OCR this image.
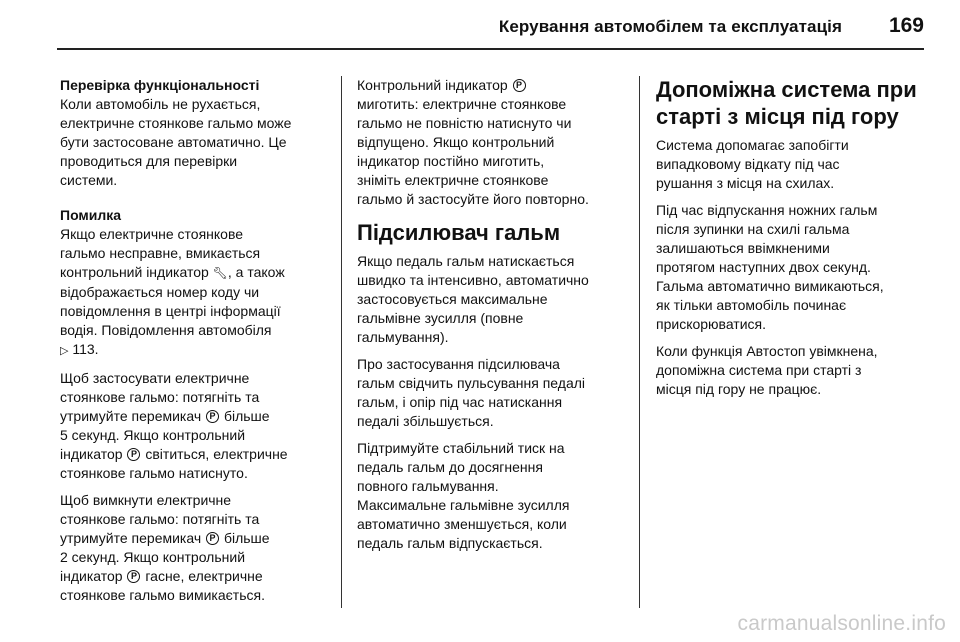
Керування автомобілем та експлуатація 169
Перевірка функціональності
Коли автомобіль не рухається,
електричне стоянкове гальмо може
бути застосоване автоматично. Це
проводиться для перевірки
системи.
Помилка
Якщо електричне стоянкове
гальмо несправне, вмикається
контрольний індикатор 🔧︎, а також
відображається номер коду чи
повідомлення в центрі інформації
водія. Повідомлення автомобіля
▷ 113.
Щоб застосувати електричне
стоянкове гальмо: потягніть та
утримуйте перемикач P більше
5 секунд. Якщо контрольний
індикатор P світиться, електричне
стоянкове гальмо натиснуто.
Щоб вимкнути електричне
стоянкове гальмо: потягніть та
утримуйте перемикач P більше
2 секунд. Якщо контрольний
індикатор P гасне, електричне
стоянкове гальмо вимикається.
Контрольний індикатор P
миготить: електричне стоянкове
гальмо не повністю натиснуто чи
відпущено. Якщо контрольний
індикатор постійно миготить,
зніміть електричне стоянкове
гальмо й застосуйте його повторно.
Підсилювач гальм
Якщо педаль гальм натискається
швидко та інтенсивно, автоматично
застосовується максимальне
гальмівне зусилля (повне
гальмування).
Про застосування підсилювача
гальм свідчить пульсування педалі
гальм, і опір під час натискання
педалі збільшується.
Підтримуйте стабільний тиск на
педаль гальм до досягнення
повного гальмування.
Максимальне гальмівне зусилля
автоматично зменшується, коли
педаль гальм відпускається.
Допоміжна система при
старті з місця під гору
Система допомагає запобігти
випадковому відкату під час
рушання з місця на схилах.
Під час відпускання ножних гальм
після зупинки на схилі гальма
залишаються ввімкненими
протягом наступних двох секунд.
Гальма автоматично вимикаються,
як тільки автомобіль починає
прискорюватися.
Коли функція Автостоп увімкнена,
допоміжна система при старті з
місця під гору не працює.
carmanualsonline.info
